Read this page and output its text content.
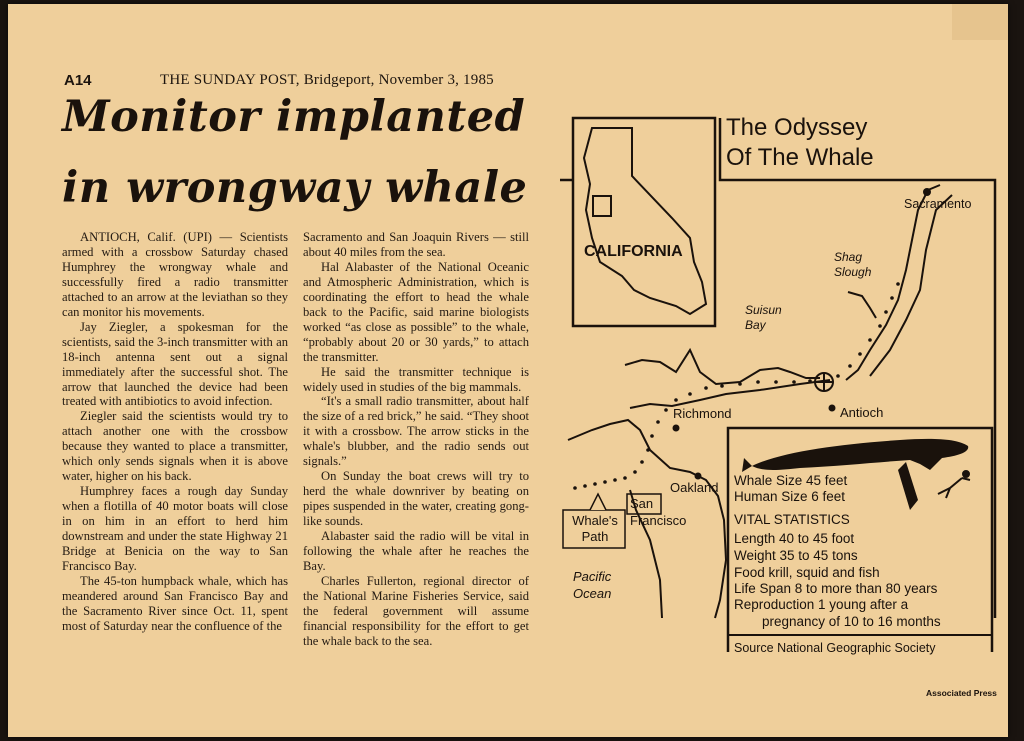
A14	THE SUNDAY POST, Bridgeport, November 3, 1985
Monitor implanted
in wrongway whale

ANTIOCH, Calif. (UPI) — Scientists armed with a crossbow Saturday chased Humphrey the wrongway whale and successfully fired a radio transmitter attached to an arrow at the leviathan so they can monitor his movements.

Jay Ziegler, a spokesman for the scientists, said the 3-inch transmitter with an 18-inch antenna sent out a signal immediately after the successful shot. The arrow that launched the device had been treated with antibiotics to avoid infection.

Ziegler said the scientists would try to attach another one with the crossbow because they wanted to place a transmitter, which only sends signals when it is above water, higher on his back.

Humphrey faces a rough day Sunday when a flotilla of 40 motor boats will close in on him in an effort to herd him downstream and under the state Highway 21 Bridge at Benicia on the way to San Francisco Bay.

The 45-ton humpback whale, which has meandered around San Francisco Bay and the Sacramento River since Oct. 11, spent most of Saturday near the confluence of the

Sacramento and San Joaquin Rivers — still about 40 miles from the sea.

Hal Alabaster of the National Oceanic and Atmospheric Administration, which is coordinating the effort to head the whale back to the Pacific, said marine biologists worked “as close as possible” to the whale, “probably about 20 or 30 yards,” to attach the transmitter.

He said the transmitter technique is widely used in studies of the big mammals.

“It's a small radio transmitter, about half the size of a red brick,” he said. “They shoot it with a crossbow. The arrow sticks in the whale's blubber, and the radio sends out signals.”

On Sunday the boat crews will try to herd the whale downriver by beating on pipes suspended in the water, creating gong-like sounds.

Alabaster said the radio will be vital in following the whale after he reaches the Bay.

Charles Fullerton, regional director of the National Marine Fisheries Service, said the federal government will assume financial responsibility for the effort to get the whale back to the sea.

The Odyssey
Of The Whale
CALIFORNIA
Sacramento
Shag Slough
Suisun Bay
Richmond	Antioch
Oakland
San Francisco
Pacific Ocean
Whale's Path
Whale Size 45 feet
Human Size 6 feet
VITAL STATISTICS
Length 40 to 45 foot
Weight 35 to 45 tons
Food krill, squid and fish
Life Span 8 to more than 80 years
Reproduction 1 young after a
pregnancy of 10 to 16 months
Source National Geographic Society
Associated Press
